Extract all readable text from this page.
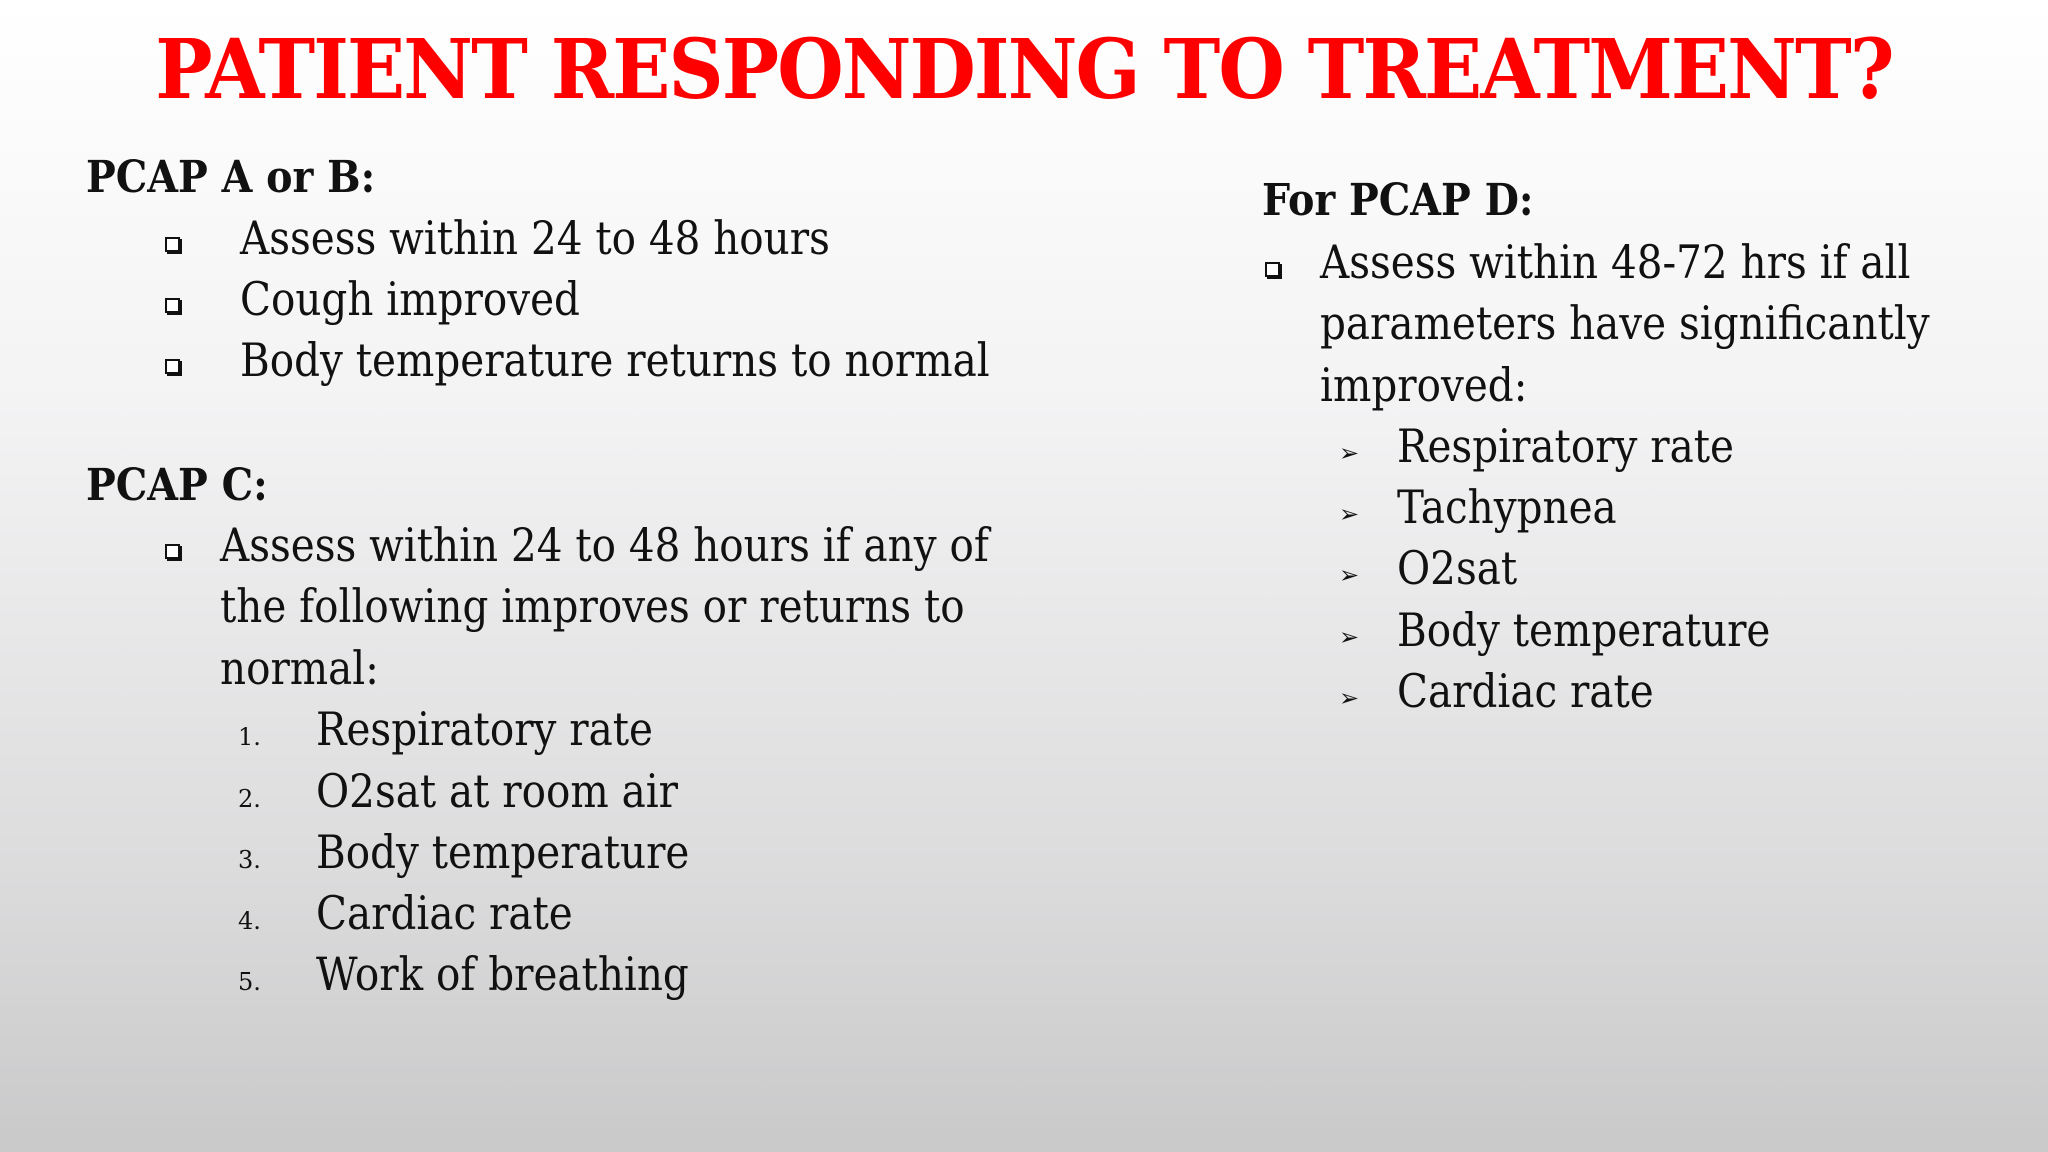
PATIENT RESPONDING TO TREATMENT?
PCAP A or B:
Assess within 24 to 48 hours
Cough improved
Body temperature returns to normal
PCAP C:
Assess within 24 to 48 hours if any of
the following improves or returns to
normal:
1. Respiratory rate
2. O2sat at room air
3. Body temperature
4. Cardiac rate
5. Work of breathing
For PCAP D:
Assess within 48-72 hrs if all
parameters have significantly
improved:
➢ Respiratory rate
➢ Tachypnea
➢ O2sat
➢ Body temperature
➢ Cardiac rate
